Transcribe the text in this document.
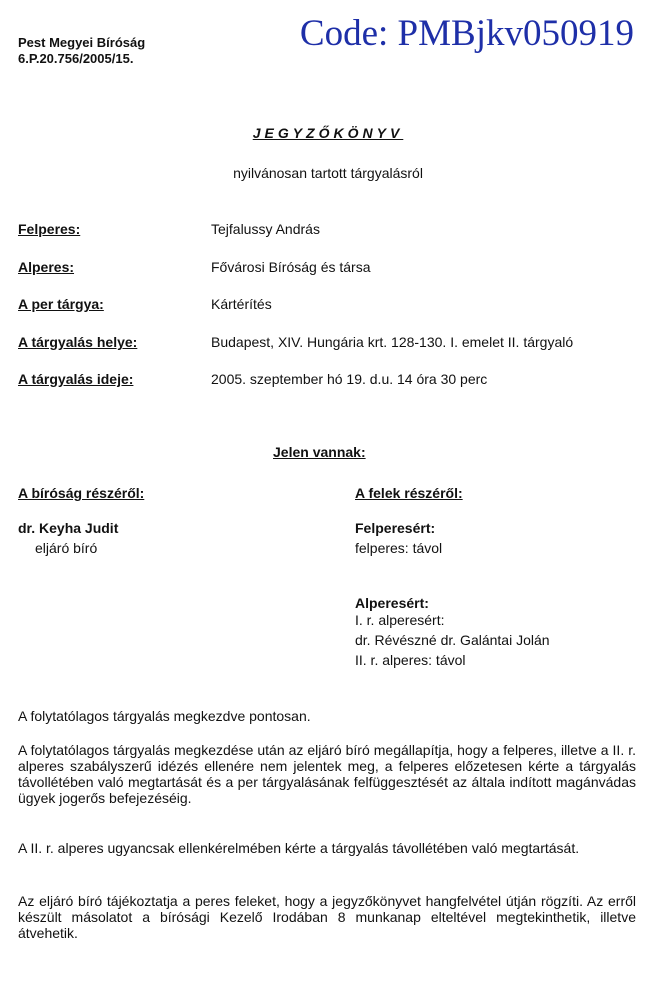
Pest Megyei Bíróság
6.P.20.756/2005/15.
Code: PMBjkv050919
JEGYZŐKÖNYV
nyilvánosan tartott tárgyalásról
Felperes:	Tejfalussy András
Alperes:	Fővárosi Bíróság és társa
A per tárgya:	Kártérítés
A tárgyalás helye:	Budapest, XIV. Hungária krt. 128-130. I. emelet II. tárgyaló
A tárgyalás ideje:	2005. szeptember hó 19. d.u. 14 óra 30 perc
Jelen vannak:
A bíróság részéről:
dr. Keyha Judit
eljáró bíró
A felek részéről:
Felperesért:
felperes: távol
Alperesért:
I. r. alperesért:
dr. Révészné dr. Galántai Jolán
II. r. alperes: távol

A folytatólagos tárgyalás megkezdve pontosan.

A folytatólagos tárgyalás megkezdése után az eljáró bíró megállapítja, hogy a felperes, illetve a II. r. alperes szabályszerű idézés ellenére nem jelentek meg, a felperes előzetesen kérte a tárgyalás távollétében való megtartását és a per tárgyalásának felfüggesztését az általa indított magánvádas ügyek jogerős befejezéséig.

A II. r. alperes ugyancsak ellenkérelmében kérte a tárgyalás távollétében való megtartását.

Az eljáró bíró tájékoztatja a peres feleket, hogy a jegyzőkönyvet hangfelvétel útján rögzíti. Az erről készült másolatot a bírósági Kezelő Irodában 8 munkanap elteltével megtekinthetik, illetve átvehetik.
